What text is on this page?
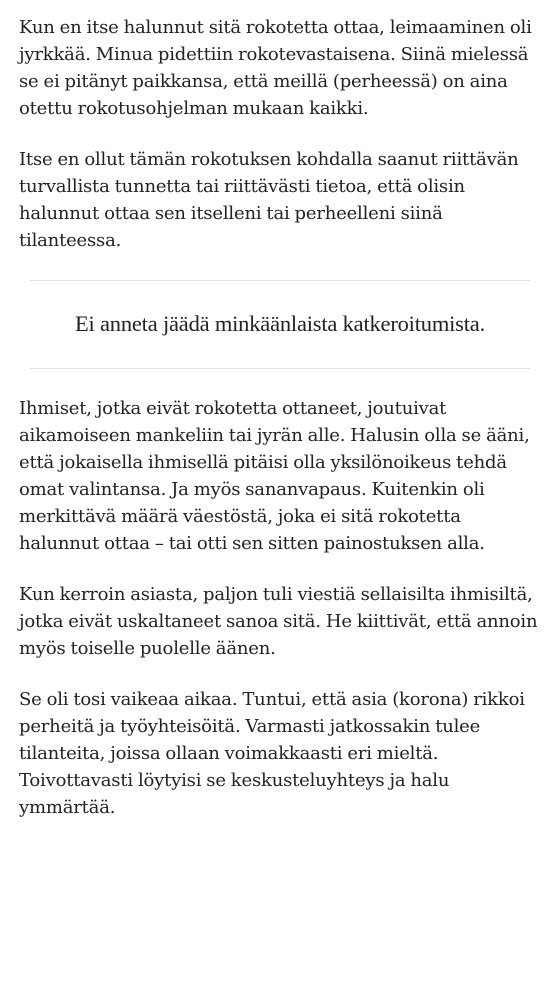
Kun en itse halunnut sitä rokotetta ottaa, leimaaminen oli jyrkkää. Minua pidettiin rokotevastaisena. Siinä mielessä se ei pitänyt paikkansa, että meillä (perheessä) on aina otettu rokotusohjelman mukaan kaikki.

Itse en ollut tämän rokotuksen kohdalla saanut riittävän turvallista tunnetta tai riittävästi tietoa, että olisin halunnut ottaa sen itselleni tai perheelleni siinä tilanteessa.

Ei anneta jäädä minkäänlaista katkeroitumista.

Ihmiset, jotka eivät rokotetta ottaneet, joutuivat aikamoiseen mankeliin tai jyrän alle. Halusin olla se ääni, että jokaisella ihmisellä pitäisi olla yksilönoikeus tehdä omat valintansa. Ja myös sananvapaus. Kuitenkin oli merkittävä määrä väestöstä, joka ei sitä rokotetta halunnut ottaa – tai otti sen sitten painostuksen alla.

Kun kerroin asiasta, paljon tuli viestiä sellaisilta ihmisiltä, jotka eivät uskaltaneet sanoa sitä. He kiittivät, että annoin myös toiselle puolelle äänen.

Se oli tosi vaikeaa aikaa. Tuntui, että asia (korona) rikkoi perheitä ja työyhteisöitä. Varmasti jatkossakin tulee tilanteita, joissa ollaan voimakkaasti eri mieltä. Toivottavasti löytyisi se keskusteluyhteys ja halu ymmärtää.
